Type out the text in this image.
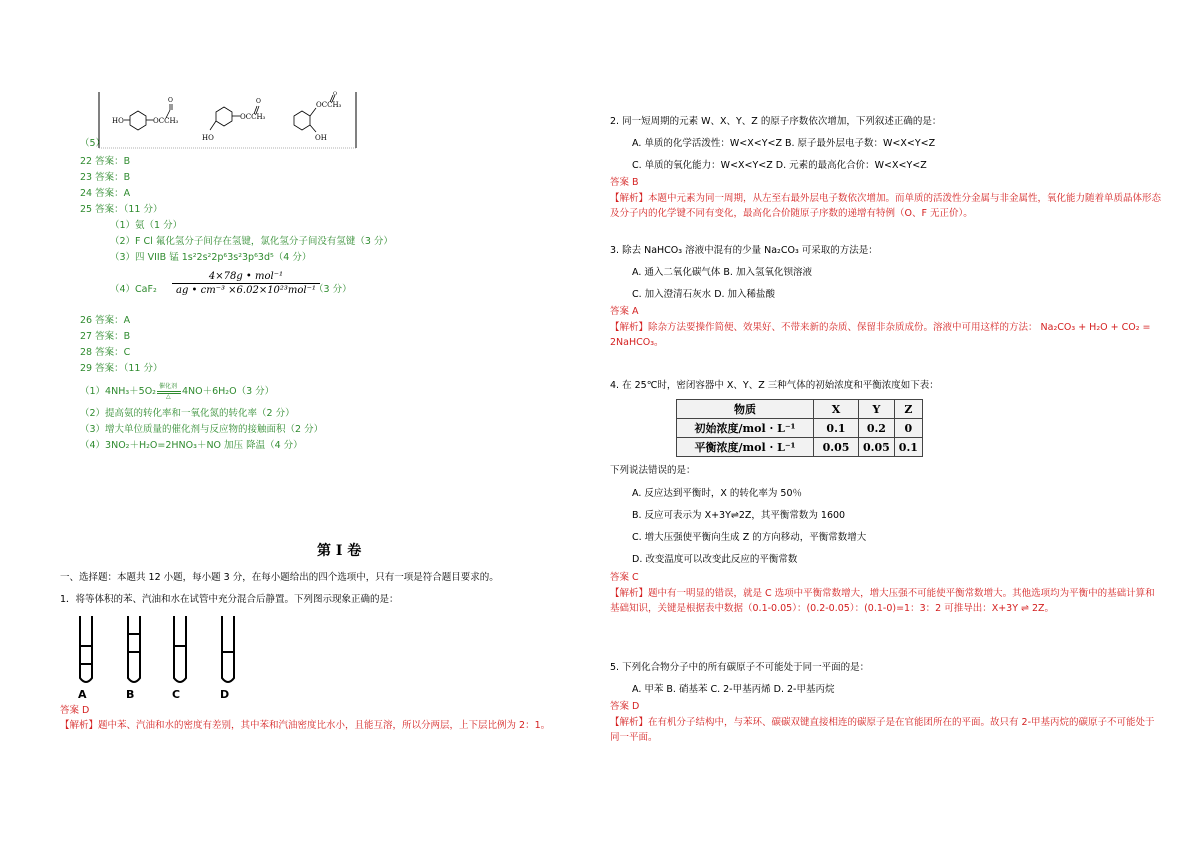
HO	OCCH₃
O
OCCH₃
O
HO
OCCH₃
O
OH
（5）
22 答案：B
23 答案：B
24 答案：A
25 答案：（11 分）
（1）氨（1 分）
（2）F Cl 氟化氢分子间存在氢键，氯化氢分子间没有氢键（3 分）
（3）四 VIIB 锰 1s²2s²2p⁶3s²3p⁶3d⁵（4 分）
（4）CaF₂
4×78g • mol⁻¹
ag • cm⁻³ ×6.02×10²³mol⁻¹
（3 分）
26 答案：A
27 答案：B
28 答案：C
29 答案：（11 分）
（1）4NH₃＋5O₂ 催化剂
△ 4NO＋6H₂O（3 分）
（2）提高氨的转化率和一氧化氮的转化率（2 分）
（3）增大单位质量的催化剂与反应物的接触面积（2 分）
（4）3NO₂＋H₂O=2HNO₃＋NO 加压 降温（4 分）
第 I 卷
一、选择题：本题共 12 小题，每小题 3 分，在每小题给出的四个选项中，只有一项是符合题目要求的。
1．将等体积的苯、汽油和水在试管中充分混合后静置。下列图示现象正确的是：
A	B	C	D
答案 D
【解析】题中苯、汽油和水的密度有差别，其中苯和汽油密度比水小，且能互溶，所以分两层，上下层比例为 2：1。
2. 同一短周期的元素 W、X、Y、Z 的原子序数依次增加，下列叙述正确的是：
A. 单质的化学活泼性：W<X<Y<Z B. 原子最外层电子数：W<X<Y<Z
C. 单质的氧化能力：W<X<Y<Z D. 元素的最高化合价：W<X<Y<Z
答案 B
【解析】本题中元素为同一周期，从左至右最外层电子数依次增加。而单质的活泼性分金属与非金属性，氧化能力随着单质晶体形态及分子内的化学键不同有变化，最高化合价随原子序数的递增有特例（O、F 无正价）。
3. 除去 NaHCO₃ 溶液中混有的少量 Na₂CO₃ 可采取的方法是：
A. 通入二氧化碳气体 B. 加入氢氧化钡溶液
C. 加入澄清石灰水 D. 加入稀盐酸
答案 A
【解析】除杂方法要操作简便、效果好、不带来新的杂质、保留非杂质成份。溶液中可用这样的方法： Na₂CO₃ + H₂O + CO₂ = 2NaHCO₃。
4. 在 25℃时，密闭容器中 X、Y、Z 三种气体的初始浓度和平衡浓度如下表：
物质	X	Y	Z
初始浓度/mol · L⁻¹	0.1	0.2	0
平衡浓度/mol · L⁻¹	0.05	0.05	0.1
下列说法错误的是：
A. 反应达到平衡时，X 的转化率为 50％
B. 反应可表示为 X+3Y⇌2Z，其平衡常数为 1600
C. 增大压强使平衡向生成 Z 的方向移动，平衡常数增大
D. 改变温度可以改变此反应的平衡常数
答案 C
【解析】题中有一明显的错误，就是 C 选项中平衡常数增大，增大压强不可能使平衡常数增大。其他选项均为平衡中的基础计算和基础知识，关键是根据表中数据（0.1-0.05）：(0.2-0.05）：(0.1-0)=1：3：2 可推导出：X+3Y ⇌ 2Z。
5. 下列化合物分子中的所有碳原子不可能处于同一平面的是：
A. 甲苯 B. 硝基苯 C. 2-甲基丙烯 D. 2-甲基丙烷
答案 D
【解析】在有机分子结构中，与苯环、碳碳双键直接相连的碳原子是在官能团所在的平面。故只有 2-甲基丙烷的碳原子不可能处于同一平面。
